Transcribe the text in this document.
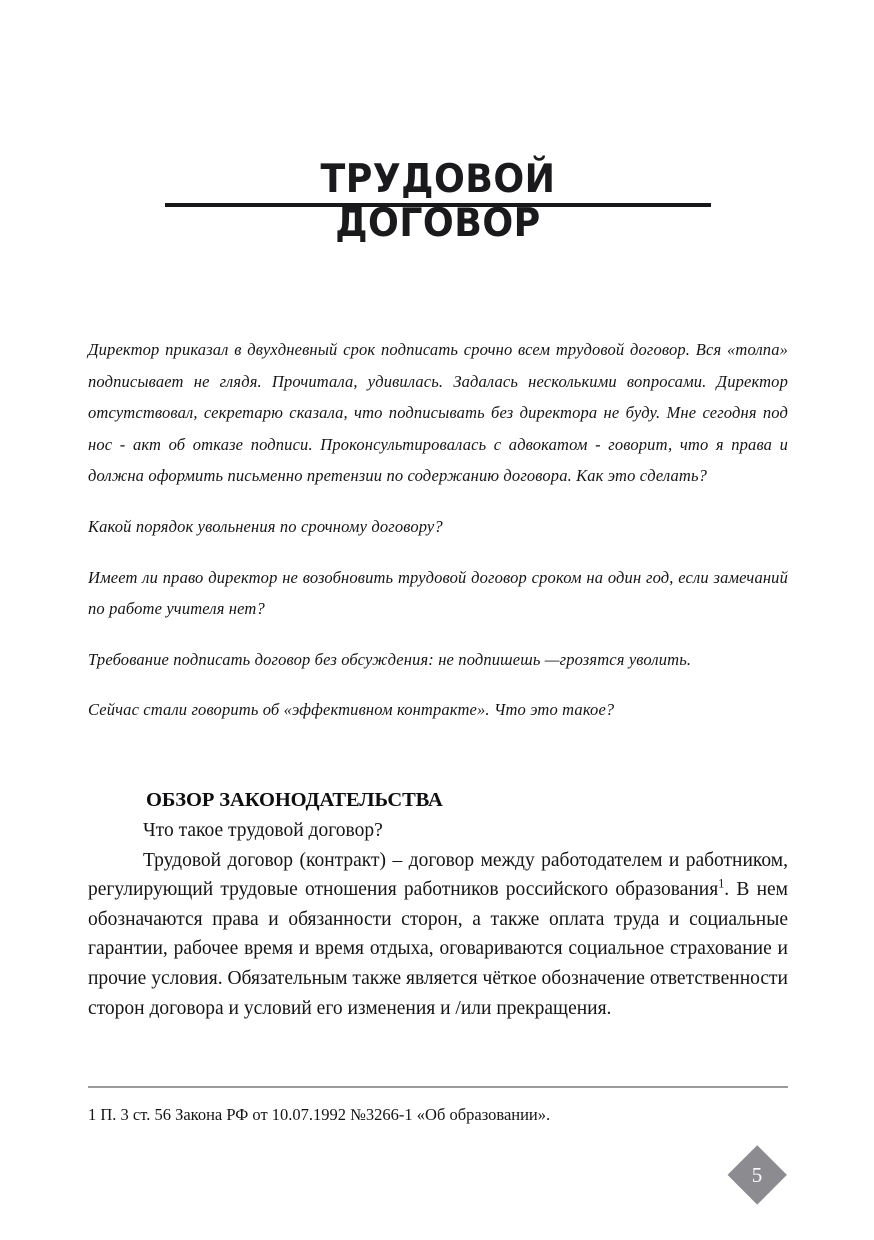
ТРУДОВОЙ
ДОГОВОР

Директор приказал в двухдневный срок подписать срочно всем трудовой договор. Вся «толпа» подписывает не глядя. Прочитала, удивилась. Задалась несколькими вопросами. Директор отсутствовал, секретарю сказала, что подписывать без директора не буду. Мне сегодня под нос - акт об отказе подписи. Проконсультировалась с адвокатом - говорит, что я права и должна оформить письменно претензии по содержанию договора. Как это сделать?

Какой порядок увольнения по срочному договору?

Имеет ли право директор не возобновить трудовой договор сроком на один год, если замечаний по работе учителя нет?

Требование подписать договор без обсуждения: не подпишешь —грозятся уволить.

Сейчас стали говорить об «эффективном контракте». Что это такое?

ОБЗОР ЗАКОНОДАТЕЛЬСТВА

Что такое трудовой договор?

Трудовой договор (контракт) – договор между работодателем и работником, регулирующий трудовые отношения работников российского образования$^1$. В нем обозначаются права и обязанности сторон, а также оплата труда и социальные гарантии, рабочее время и время отдыха, оговариваются социальное страхование и прочие условия. Обязательным также является чёткое обозначение ответственности сторон договора и условий его изменения и /или прекращения.

1 П. 3 ст. 56 Закона РФ от 10.07.1992 №3266-1 «Об образовании».

5
